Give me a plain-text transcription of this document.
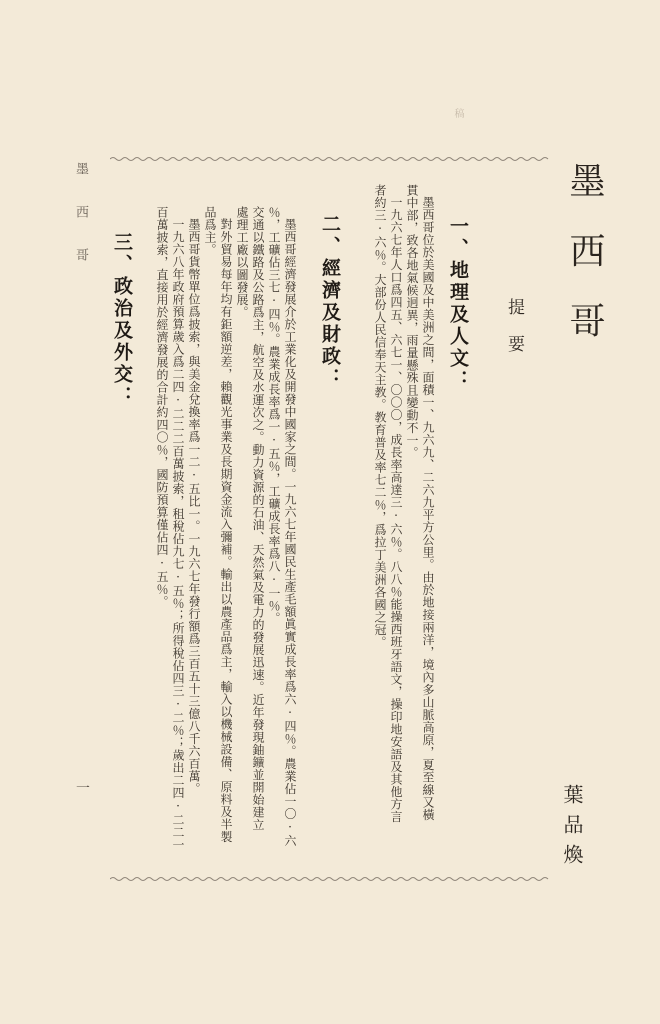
稿
墨西哥
葉品煥
提要
一、地理及人文：
墨西哥位於美國及中美洲之間，面積一、九六九、二六九平方公里。由於地接兩洋，境內多山脈高原，夏至線又橫
貫中部，致各地氣候迥異，雨量懸殊且變動不一。
一九六七年人口爲四五、六七一、〇〇〇，成長率高達三·六％。八八％能操西班牙語文，操印地安語及其他方言
者約三·六％。大部份人民信奉天主教。教育普及率七二％，爲拉丁美洲各國之冠。
二、經濟及財政：
墨西哥經濟發展介於工業化及開發中國家之間。一九六七年國民生產毛額眞實成長率爲六·四％。農業佔一〇·六
％，工礦佔三七·四％。農業成長率爲一·五％，工礦成長率爲八·一％。
交通以鐵路及公路爲主，航空及水運次之。動力資源的石油、天然氣及電力的發展迅速。近年發現鈾鑛並開始建立
處理工廠以圖發展。
對外貿易每年均有鉅額逆差，賴觀光事業及長期資金流入彌補。輸出以農產品爲主，輸入以機械設備、原料及半製
品爲主。
墨西哥貨幣單位爲披索，與美金兌換率爲一二·五比一。一九六七年發行額爲三百五十三億八千六百萬。
一九六八年政府預算歲入爲二四·二二二百萬披索，租稅佔九七·五％；所得稅佔四三·二％；歲出二四·二二一
百萬披索，直接用於經濟發展的合計約四〇％，國防預算僅佔四·五％。
三、政治及外交：
墨西哥
一
